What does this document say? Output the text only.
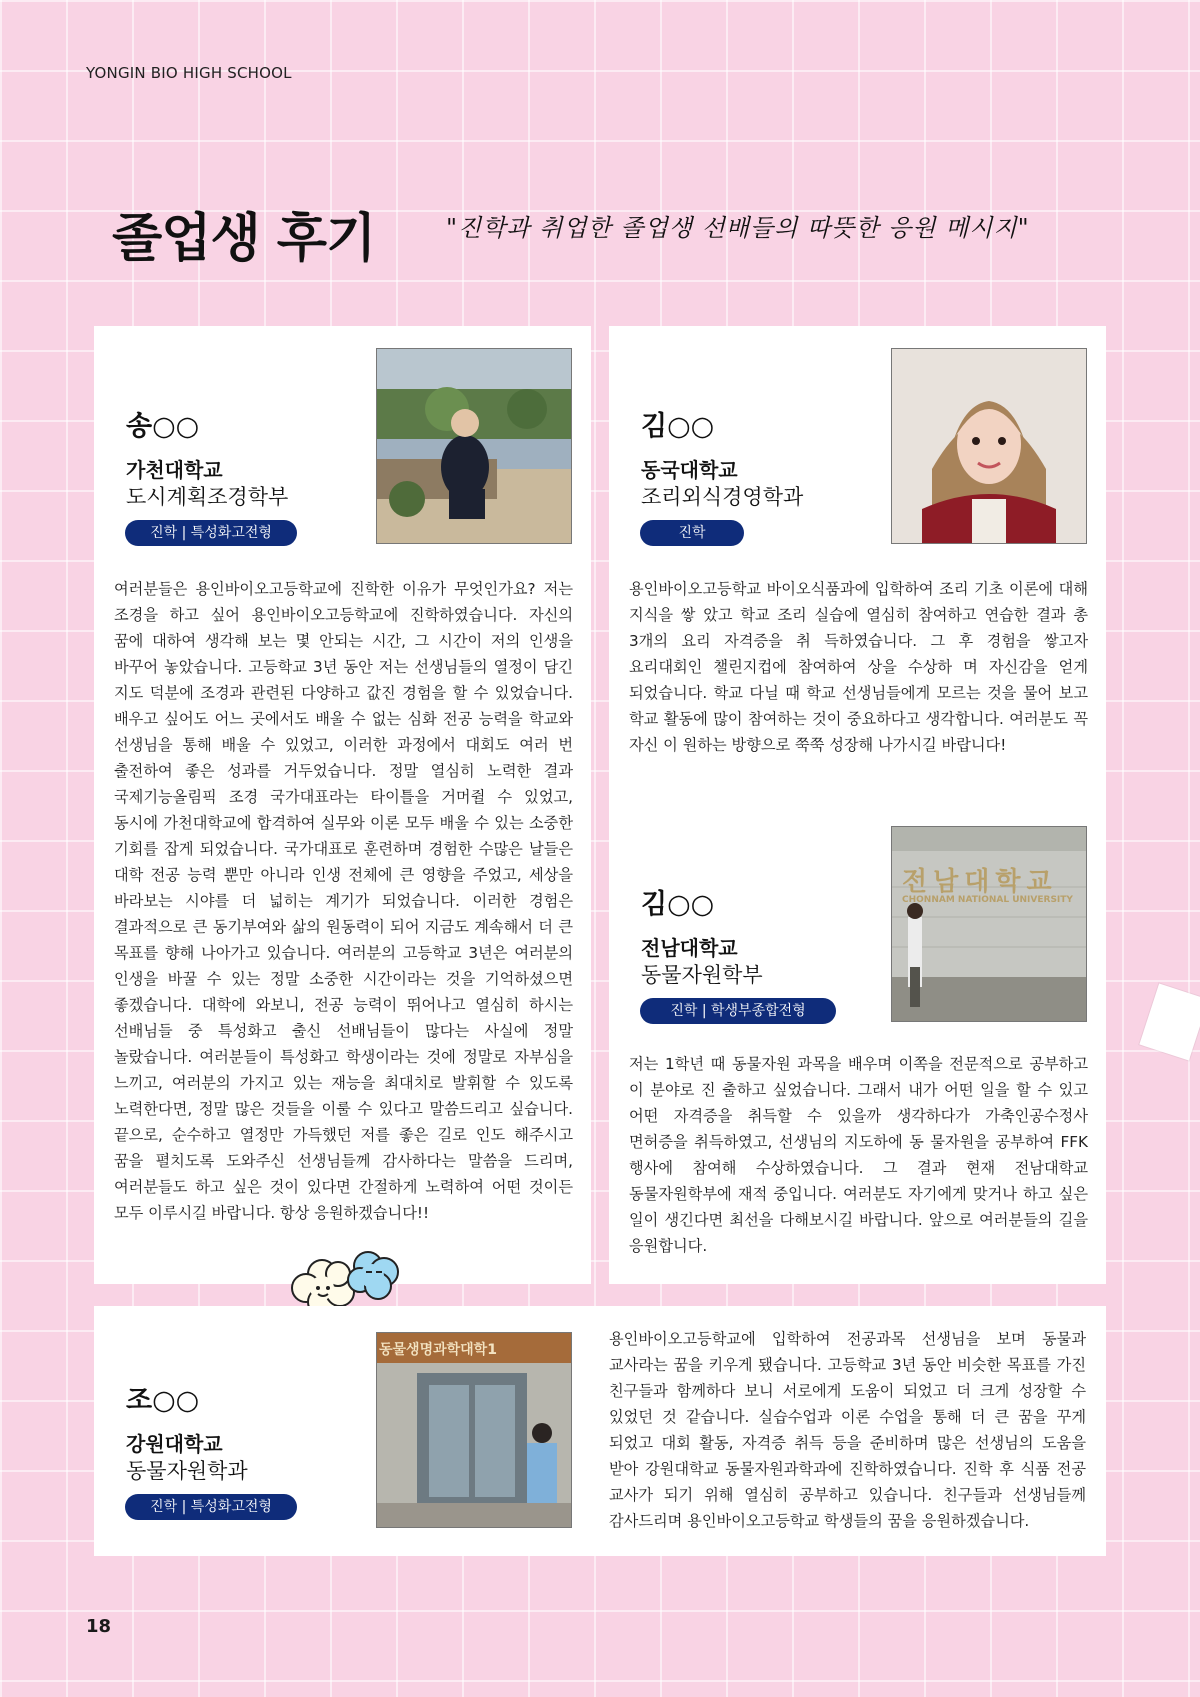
YONGIN BIO HIGH SCHOOL
졸업생 후기	"진학과 취업한 졸업생 선배들의 따뜻한 응원 메시지"
송○○
가천대학교
도시계획조경학부
진학 | 특성화고전형
여러분들은 용인바이오고등학교에 진학한 이유가 무엇인가요? 저는 조경을 하고 싶어 용인바이오고등학교에 진학하였습니다. 자신의 꿈에 대하여 생각해 보는 몇 안되는 시간, 그 시간이 저의 인생을 바꾸어 놓았습니다. 고등학교 3년 동안 저는 선생님들의 열정이 담긴 지도 덕분에 조경과 관련된 다양하고 값진 경험을 할 수 있었습니다. 배우고 싶어도 어느 곳에서도 배울 수 없는 심화 전공 능력을 학교와 선생님을 통해 배울 수 있었고, 이러한 과정에서 대회도 여러 번 출전하여 좋은 성과를 거두었습니다. 정말 열심히 노력한 결과 국제기능올림픽 조경 국가대표라는 타이틀을 거머쥘 수 있었고, 동시에 가천대학교에 합격하여 실무와 이론 모두 배울 수 있는 소중한 기회를 잡게 되었습니다. 국가대표로 훈련하며 경험한 수많은 날들은 대학 전공 능력 뿐만 아니라 인생 전체에 큰 영향을 주었고, 세상을 바라보는 시야를 더 넓히는 계기가 되었습니다. 이러한 경험은 결과적으로 큰 동기부여와 삶의 원동력이 되어 지금도 계속해서 더 큰 목표를 향해 나아가고 있습니다. 여러분의 고등학교 3년은 여러분의 인생을 바꿀 수 있는 정말 소중한 시간이라는 것을 기억하셨으면 좋겠습니다. 대학에 와보니, 전공 능력이 뛰어나고 열심히 하시는 선배님들 중 특성화고 출신 선배님들이 많다는 사실에 정말 놀랐습니다. 여러분들이 특성화고 학생이라는 것에 정말로 자부심을 느끼고, 여러분의 가지고 있는 재능을 최대치로 발휘할 수 있도록 노력한다면, 정말 많은 것들을 이룰 수 있다고 말씀드리고 싶습니다. 끝으로, 순수하고 열정만 가득했던 저를 좋은 길로 인도 해주시고 꿈을 펼치도록 도와주신 선생님들께 감사하다는 말씀을 드리며, 여러분들도 하고 싶은 것이 있다면 간절하게 노력하여 어떤 것이든 모두 이루시길 바랍니다. 항상 응원하겠습니다!!
김○○
동국대학교
조리외식경영학과
진학
용인바이오고등학교 바이오식품과에 입학하여 조리 기초 이론에 대해 지식을 쌓 았고 학교 조리 실습에 열심히 참여하고 연습한 결과 총 3개의 요리 자격증을 취 득하였습니다. 그 후 경험을 쌓고자 요리대회인 챌린지컵에 참여하여 상을 수상하 며 자신감을 얻게 되었습니다. 학교 다닐 때 학교 선생님들에게 모르는 것을 물어 보고 학교 활동에 많이 참여하는 것이 중요하다고 생각합니다. 여러분도 꼭 자신 이 원하는 방향으로 쭉쭉 성장해 나가시길 바랍니다!
김○○
전남대학교
동물자원학부
진학 | 학생부종합전형
전남대학교
CHONNAM NATIONAL UNIVERSITY
저는 1학년 때 동물자원 과목을 배우며 이쪽을 전문적으로 공부하고 이 분야로 진 출하고 싶었습니다. 그래서 내가 어떤 일을 할 수 있고 어떤 자격증을 취득할 수 있을까 생각하다가 가축인공수정사 면허증을 취득하였고, 선생님의 지도하에 동 물자원을 공부하여 FFK 행사에 참여해 수상하였습니다. 그 결과 현재 전남대학교 동물자원학부에 재적 중입니다. 여러분도 자기에게 맞거나 하고 싶은 일이 생긴다면 최선을 다해보시길 바랍니다. 앞으로 여러분들의 길을 응원합니다.
조○○
강원대학교
동물자원학과
진학 | 특성화고전형
동물생명과학대학1
용인바이오고등학교에 입학하여 전공과목 선생님을 보며 동물과 교사라는 꿈을 키우게 됐습니다. 고등학교 3년 동안 비슷한 목표를 가진 친구들과 함께하다 보니 서로에게 도움이 되었고 더 크게 성장할 수 있었던 것 같습니다. 실습수업과 이론 수업을 통해 더 큰 꿈을 꾸게 되었고 대회 활동, 자격증 취득 등을 준비하며 많은 선생님의 도움을 받아 강원대학교 동물자원과학과에 진학하였습니다. 진학 후 식품 전공 교사가 되기 위해 열심히 공부하고 있습니다. 친구들과 선생님들께 감사드리며 용인바이오고등학교 학생들의 꿈을 응원하겠습니다.
18
